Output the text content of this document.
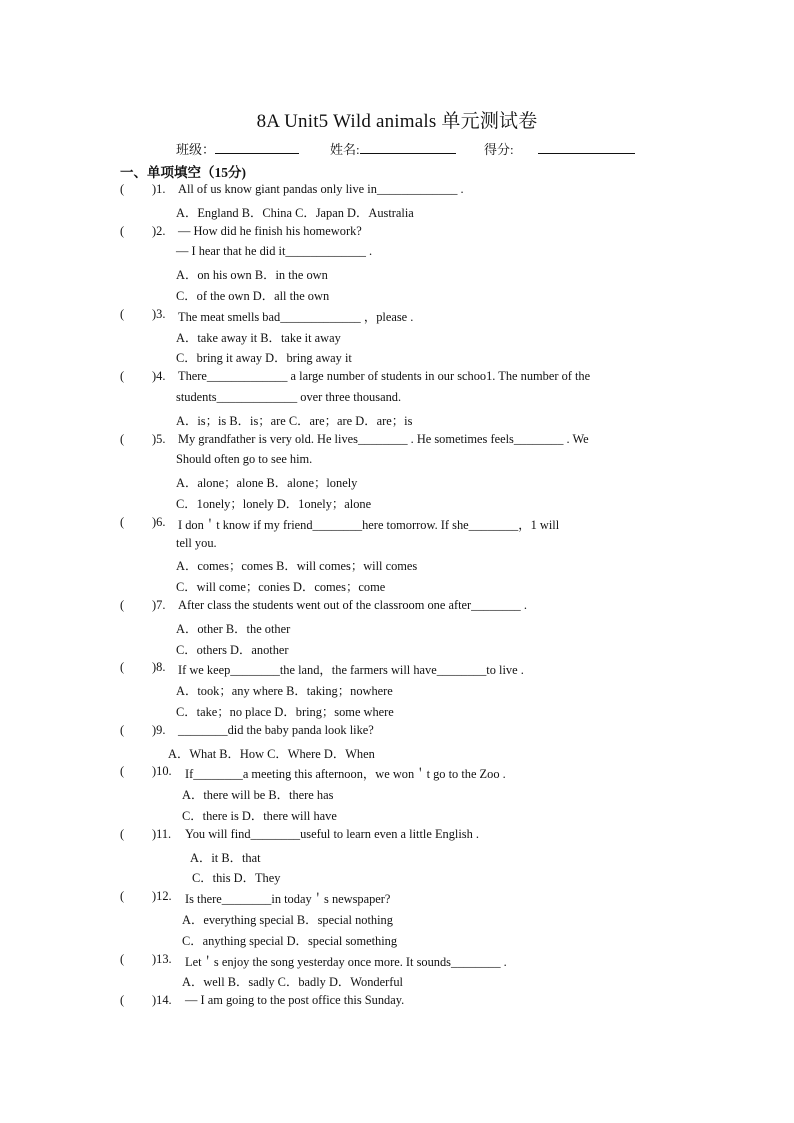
8A Unit5 Wild animals 单元测试卷
班级：	姓名:	得分:
一、单项填空（15分)
( )1. All of us know giant pandas only live in_____________ .
A．England B．China C．Japan D．Australia
( )2. — How did he finish his homework?
— I hear that he did it_____________ .
A．on his own B．in the own
C．of the own D．all the own
( )3. The meat smells bad_____________ ，please .
A．take away it B．take it away
C．bring it away D．bring away it
( )4. There_____________ a large number of students in our schoo1. The number of the
students_____________ over three thousand.
A．is；is B．is；are C．are；are D．are；is
( )5. My grandfather is very old. He lives________ . He sometimes feels________ . We
Should often go to see him.
A．alone；alone B．alone；lonely
C．1onely；lonely D．1onely；alone
( )6. I don＇t know if my friend________here tomorrow. If she________，1 will
tell you.
A．comes；comes B．will comes；will comes
C．will come；conies D．comes；come
( )7. After class the students went out of the classroom one after________ .
A．other B．the other
C．others D．another
( )8. If we keep________the land，the farmers will have________to live .
A．took；any where B．taking；nowhere
C．take；no place D．bring；some where
( )9. ________did the baby panda look like?
A．What B．How C．Where D．When
( )10. If________a meeting this afternoon，we won＇t go to the Zoo .
A．there will be B．there has
C．there is D．there will have
( )11. You will find________useful to learn even a little English .
A．it B．that
C．this D．They
( )12. Is there________in today＇s newspaper?
A．everything special B．special nothing
C．anything special D．special something
( )13. Let＇s enjoy the song yesterday once more. It sounds________ .
A．well B．sadly C．badly D．Wonderful
( )14. — I am going to the post office this Sunday.
